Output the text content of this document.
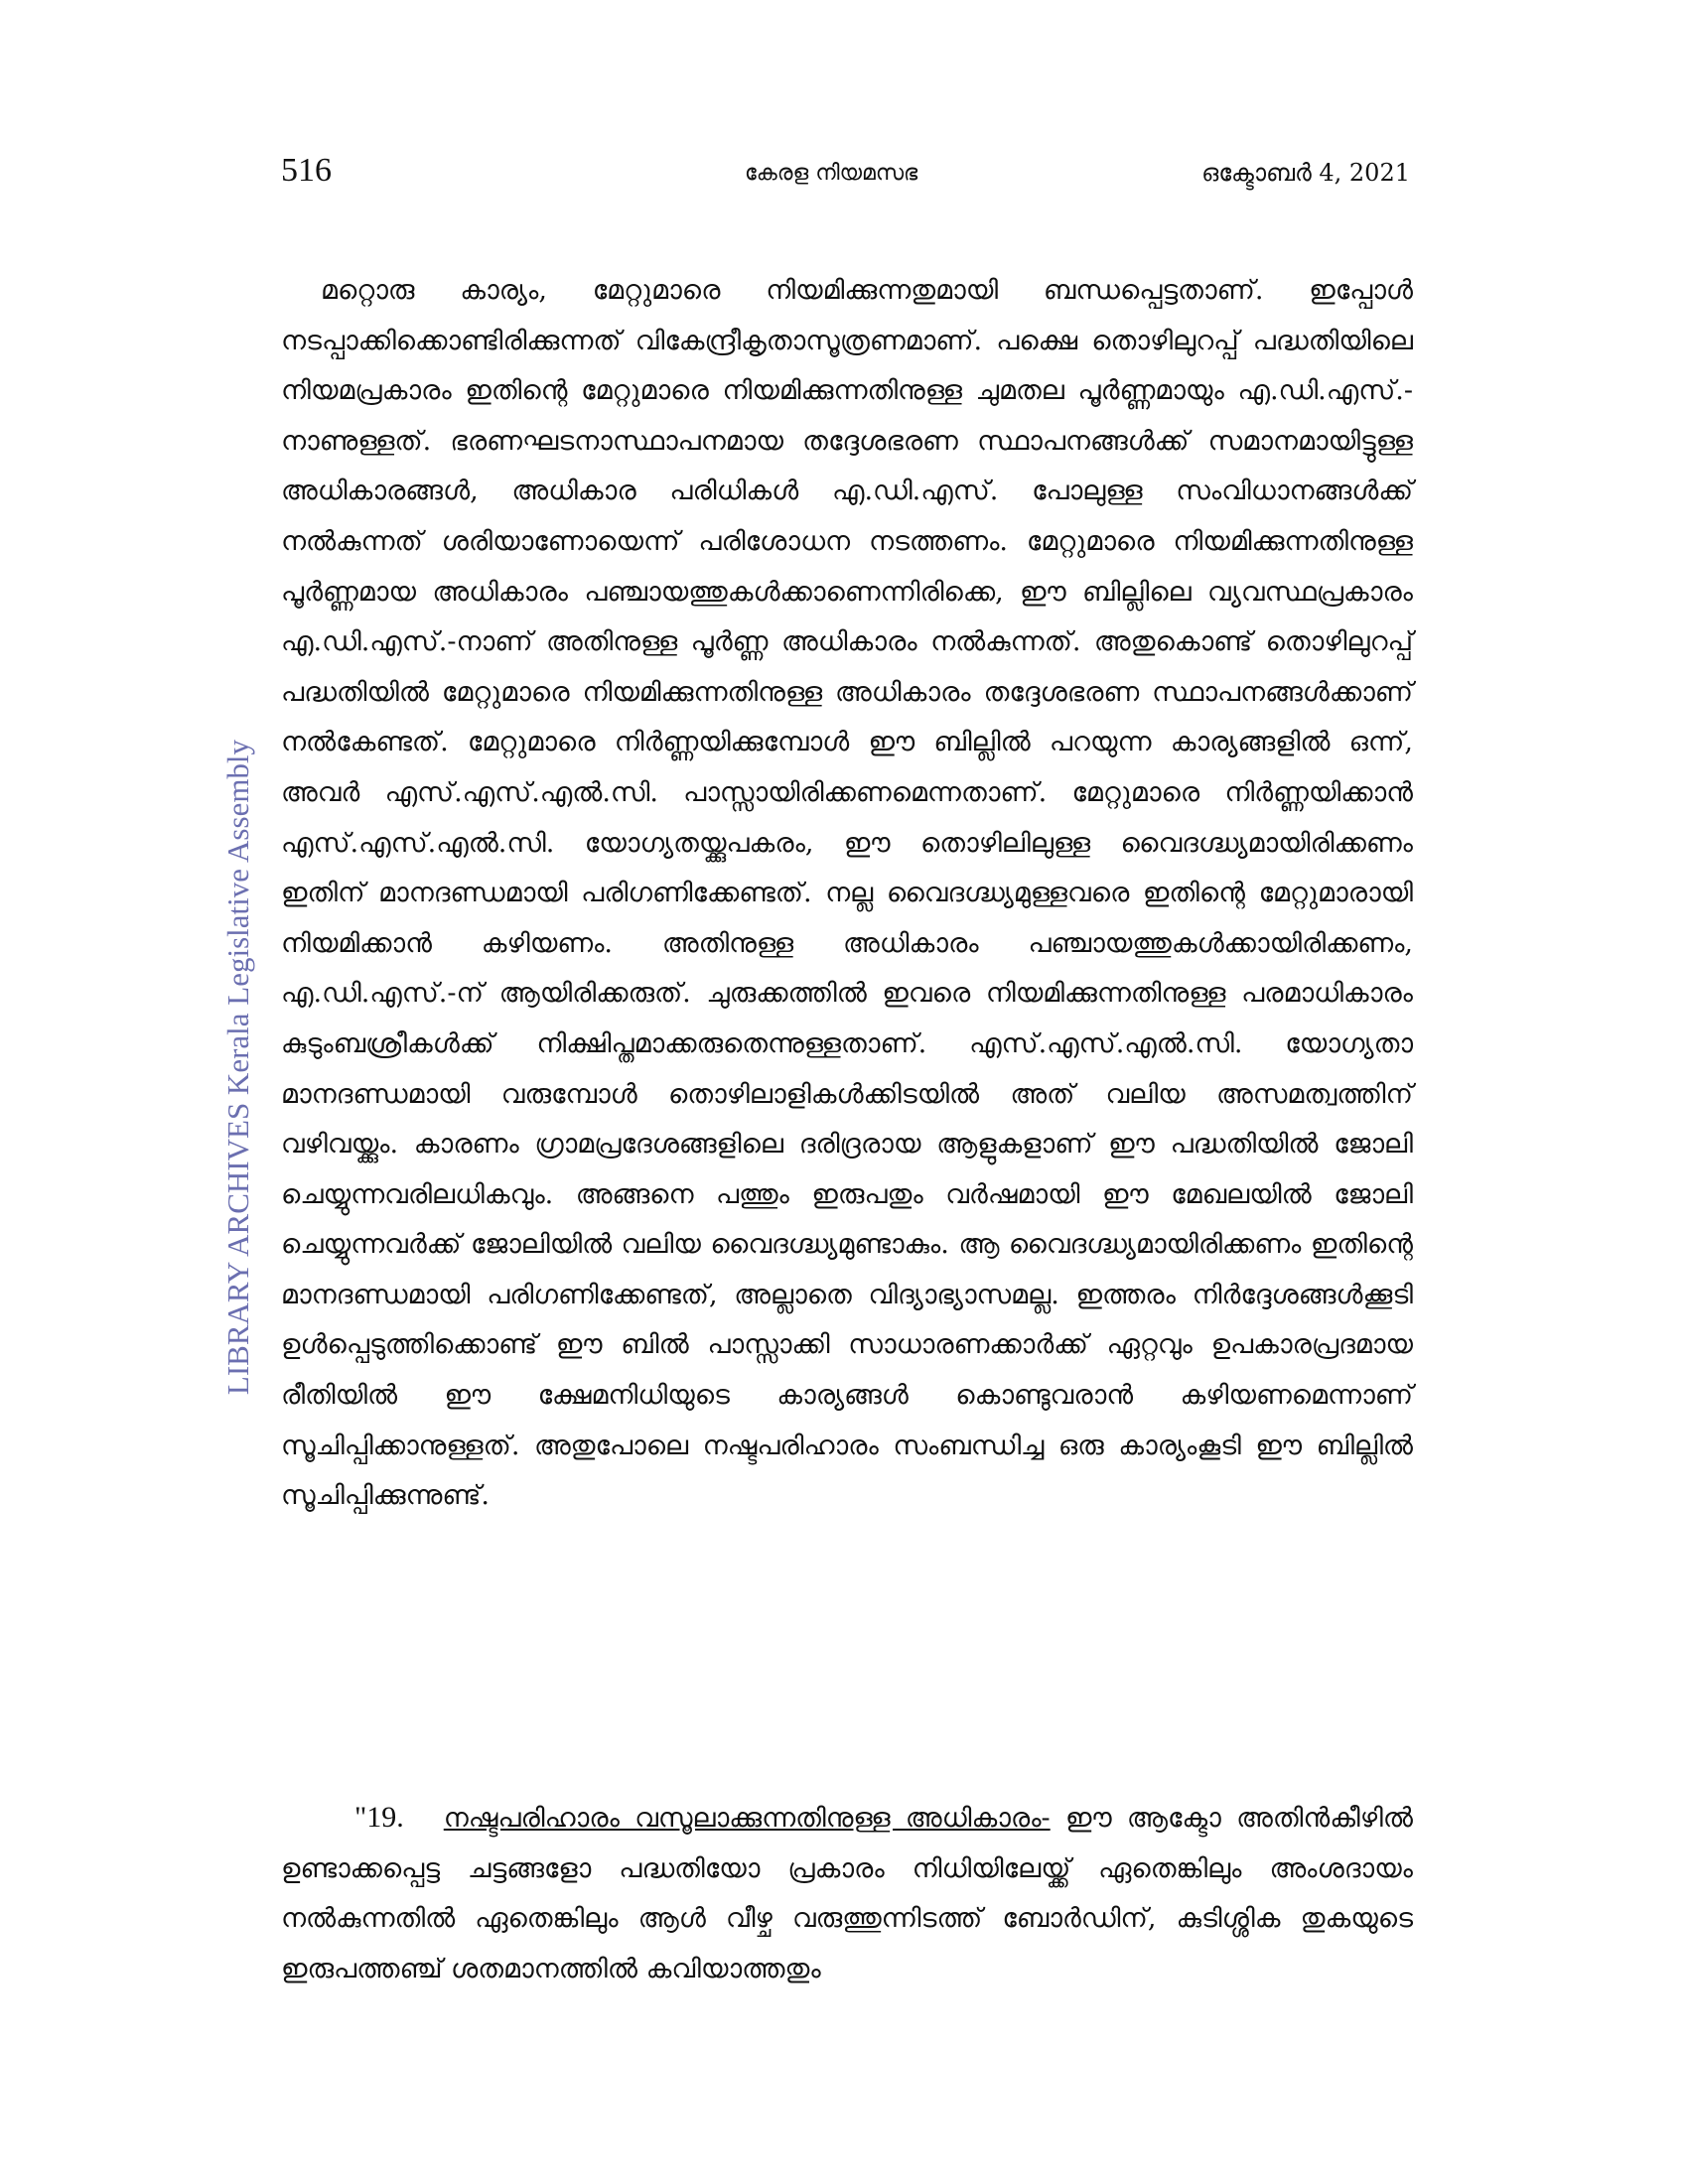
516	കേരള നിയമസഭ	ഒക്ടോബർ 4, 2021
LIBRARY ARCHIVES Kerala Legislative Assembly

മറ്റൊരു കാര്യം, മേറ്റുമാരെ നിയമിക്കുന്നതുമായി ബന്ധപ്പെട്ടതാണ്. ഇപ്പോൾ നടപ്പാക്കിക്കൊണ്ടിരിക്കുന്നത് വികേന്ദ്രീകൃതാസൂത്രണമാണ്. പക്ഷെ തൊഴിലുറപ്പ് പദ്ധതിയിലെ നിയമപ്രകാരം ഇതിന്റെ മേറ്റുമാരെ നിയമിക്കുന്നതിനുള്ള ചുമതല പൂർണ്ണമായും എ.ഡി.എസ്.-നാണുള്ളത്. ഭരണഘടനാസ്ഥാപനമായ തദ്ദേശഭരണ സ്ഥാപനങ്ങൾക്ക് സമാനമായിട്ടുള്ള അധികാരങ്ങൾ, അധികാര പരിധികൾ എ.ഡി.എസ്. പോലുള്ള സംവിധാനങ്ങൾക്ക് നൽകുന്നത് ശരിയാണോയെന്ന് പരിശോധന നടത്തണം. മേറ്റുമാരെ നിയമിക്കുന്നതിനുള്ള പൂർണ്ണമായ അധികാരം പഞ്ചായത്തുകൾക്കാണെന്നിരിക്കെ, ഈ ബില്ലിലെ വ്യവസ്ഥപ്രകാരം എ.ഡി.എസ്.-നാണ് അതിനുള്ള പൂർണ്ണ അധികാരം നൽകുന്നത്. അതുകൊണ്ട് തൊഴിലുറപ്പ് പദ്ധതിയിൽ മേറ്റുമാരെ നിയമിക്കുന്നതിനുള്ള അധികാരം തദ്ദേശഭരണ സ്ഥാപനങ്ങൾക്കാണ് നൽകേണ്ടത്. മേറ്റുമാരെ നിർണ്ണയിക്കുമ്പോൾ ഈ ബില്ലിൽ പറയുന്ന കാര്യങ്ങളിൽ ഒന്ന്, അവർ എസ്.എസ്.എൽ.സി. പാസ്സായിരിക്കണമെന്നതാണ്. മേറ്റുമാരെ നിർണ്ണയിക്കാൻ എസ്.എസ്.എൽ.സി. യോഗ്യതയ്ക്കുപകരം, ഈ തൊഴിലിലുള്ള വൈദഗ്ദ്ധ്യമായിരിക്കണം ഇതിന് മാനദണ്ഡമായി പരിഗണിക്കേണ്ടത്. നല്ല വൈദഗ്ദ്ധ്യമുള്ളവരെ ഇതിന്റെ മേറ്റുമാരായി നിയമിക്കാൻ കഴിയണം. അതിനുള്ള അധികാരം പഞ്ചായത്തുകൾക്കായിരിക്കണം, എ.ഡി.എസ്.-ന് ആയിരിക്കരുത്. ചുരുക്കത്തിൽ ഇവരെ നിയമിക്കുന്നതിനുള്ള പരമാധികാരം കുടുംബശ്രീകൾക്ക് നിക്ഷിപ്തമാക്കരുതെന്നുള്ളതാണ്. എസ്.എസ്.എൽ.സി. യോഗ്യതാ മാനദണ്ഡമായി വരുമ്പോൾ തൊഴിലാളികൾക്കിടയിൽ അത് വലിയ അസമത്വത്തിന് വഴിവയ്ക്കും. കാരണം ഗ്രാമപ്രദേശങ്ങളിലെ ദരിദ്രരായ ആളുകളാണ് ഈ പദ്ധതിയിൽ ജോലി ചെയ്യുന്നവരിലധികവും. അങ്ങനെ പത്തും ഇരുപതും വർഷമായി ഈ മേഖലയിൽ ജോലി ചെയ്യുന്നവർക്ക് ജോലിയിൽ വലിയ വൈദഗ്ദ്ധ്യമുണ്ടാകും. ആ വൈദഗ്ദ്ധ്യമായിരിക്കണം ഇതിന്റെ മാനദണ്ഡമായി പരിഗണിക്കേണ്ടത്, അല്ലാതെ വിദ്യാഭ്യാസമല്ല. ഇത്തരം നിർദ്ദേശങ്ങൾക്കൂടി ഉൾപ്പെടുത്തിക്കൊണ്ട് ഈ ബിൽ പാസ്സാക്കി സാധാരണക്കാർക്ക് ഏറ്റവും ഉപകാരപ്രദമായ രീതിയിൽ ഈ ക്ഷേമനിധിയുടെ കാര്യങ്ങൾ കൊണ്ടുവരാൻ കഴിയണമെന്നാണ് സൂചിപ്പിക്കാനുള്ളത്. അതുപോലെ നഷ്ടപരിഹാരം സംബന്ധിച്ച ഒരു കാര്യംകൂടി ഈ ബില്ലിൽ സൂചിപ്പിക്കുന്നുണ്ട്.

"19. നഷ്ടപരിഹാരം വസൂലാക്കുന്നതിനുള്ള അധികാരം- ഈ ആക്ടോ അതിൻകീഴിൽ ഉണ്ടാക്കപ്പെട്ട ചട്ടങ്ങളോ പദ്ധതിയോ പ്രകാരം നിധിയിലേയ്ക്ക് ഏതെങ്കിലും അംശദായം നൽകുന്നതിൽ ഏതെങ്കിലും ആൾ വീഴ്ച വരുത്തുന്നിടത്ത് ബോർഡിന്, കുടിശ്ശിക തുകയുടെ ഇരുപത്തഞ്ച് ശതമാനത്തിൽ കവിയാത്തതും
